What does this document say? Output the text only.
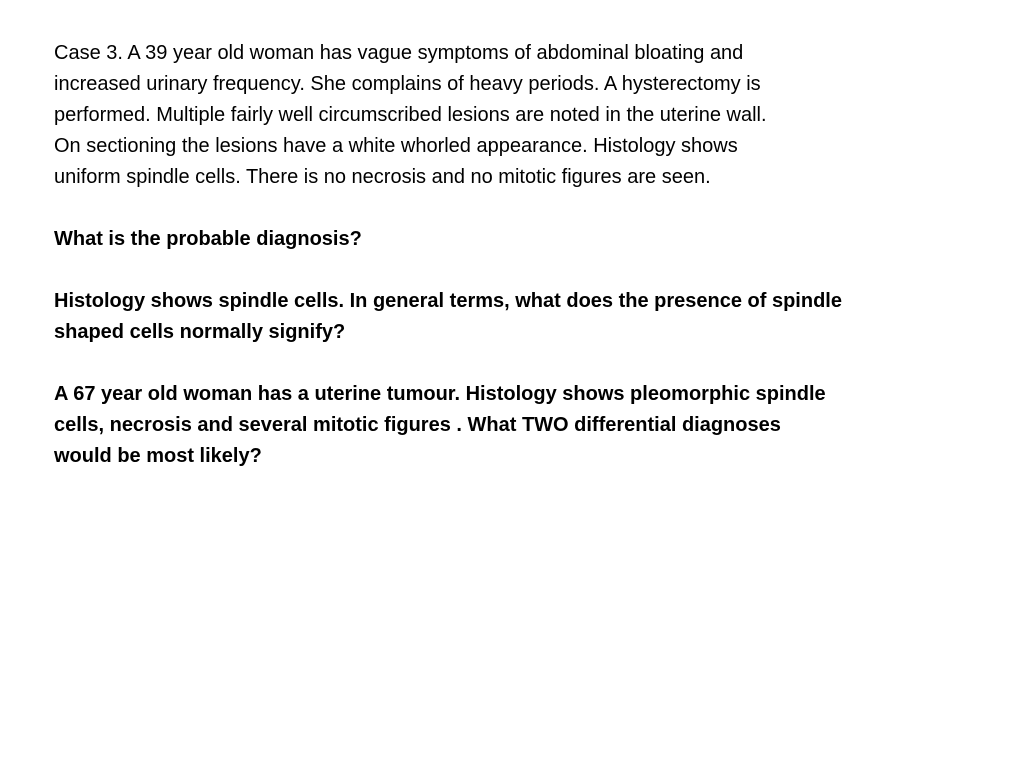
Case 3. A 39 year old woman has vague symptoms of abdominal bloating and
increased urinary frequency. She complains of heavy periods. A hysterectomy is
performed. Multiple fairly well circumscribed lesions are noted in the uterine wall.
On sectioning the lesions have a white whorled appearance. Histology shows
uniform spindle cells. There is no necrosis and no mitotic figures are seen.

What is the probable diagnosis?

Histology shows spindle cells. In general terms, what does the presence of spindle
shaped cells normally signify?

A 67 year old woman has a uterine tumour. Histology shows pleomorphic spindle
cells, necrosis and several mitotic figures . What TWO differential diagnoses
would be most likely?
